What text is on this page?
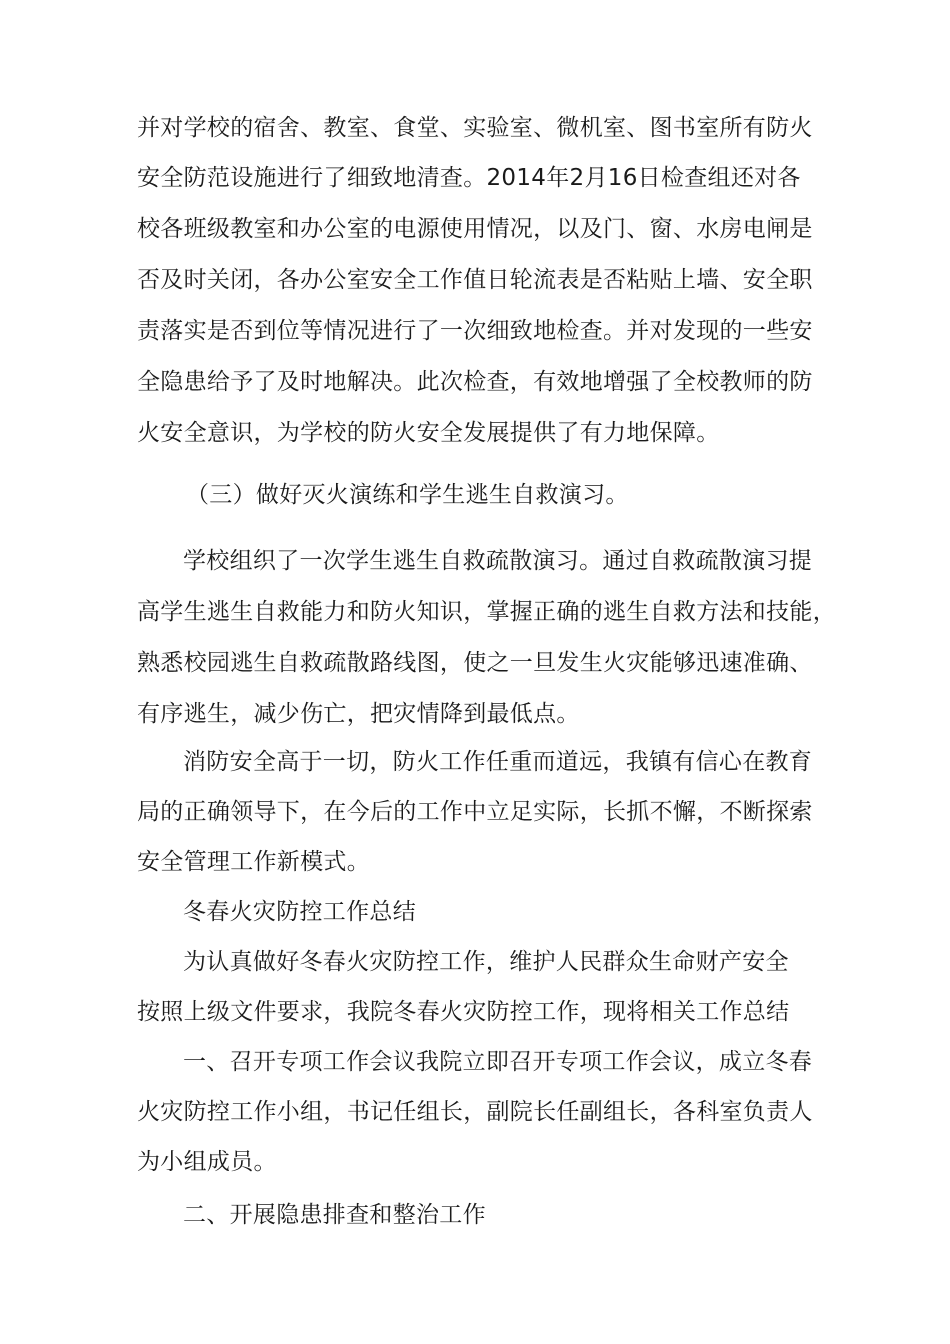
并对学校的宿舍、教室、食堂、实验室、微机室、图书室所有防火
安全防范设施进行了细致地清查。2014年2月16日检查组还对各
校各班级教室和办公室的电源使用情况，以及门、窗、水房电闸是
否及时关闭，各办公室安全工作值日轮流表是否粘贴上墙、安全职
责落实是否到位等情况进行了一次细致地检查。并对发现的一些安
全隐患给予了及时地解决。此次检查，有效地增强了全校教师的防
火安全意识，为学校的防火安全发展提供了有力地保障。
（三）做好灭火演练和学生逃生自救演习。
学校组织了一次学生逃生自救疏散演习。通过自救疏散演习提
高学生逃生自救能力和防火知识，掌握正确的逃生自救方法和技能，
熟悉校园逃生自救疏散路线图，使之一旦发生火灾能够迅速准确、
有序逃生，减少伤亡，把灾情降到最低点。
消防安全高于一切，防火工作任重而道远，我镇有信心在教育
局的正确领导下，在今后的工作中立足实际，长抓不懈，不断探索
安全管理工作新模式。
冬春火灾防控工作总结
为认真做好冬春火灾防控工作，维护人民群众生命财产安全
按照上级文件要求，我院冬春火灾防控工作，现将相关工作总结
一、召开专项工作会议我院立即召开专项工作会议，成立冬春
火灾防控工作小组，书记任组长，副院长任副组长，各科室负责人
为小组成员。
二、开展隐患排查和整治工作
